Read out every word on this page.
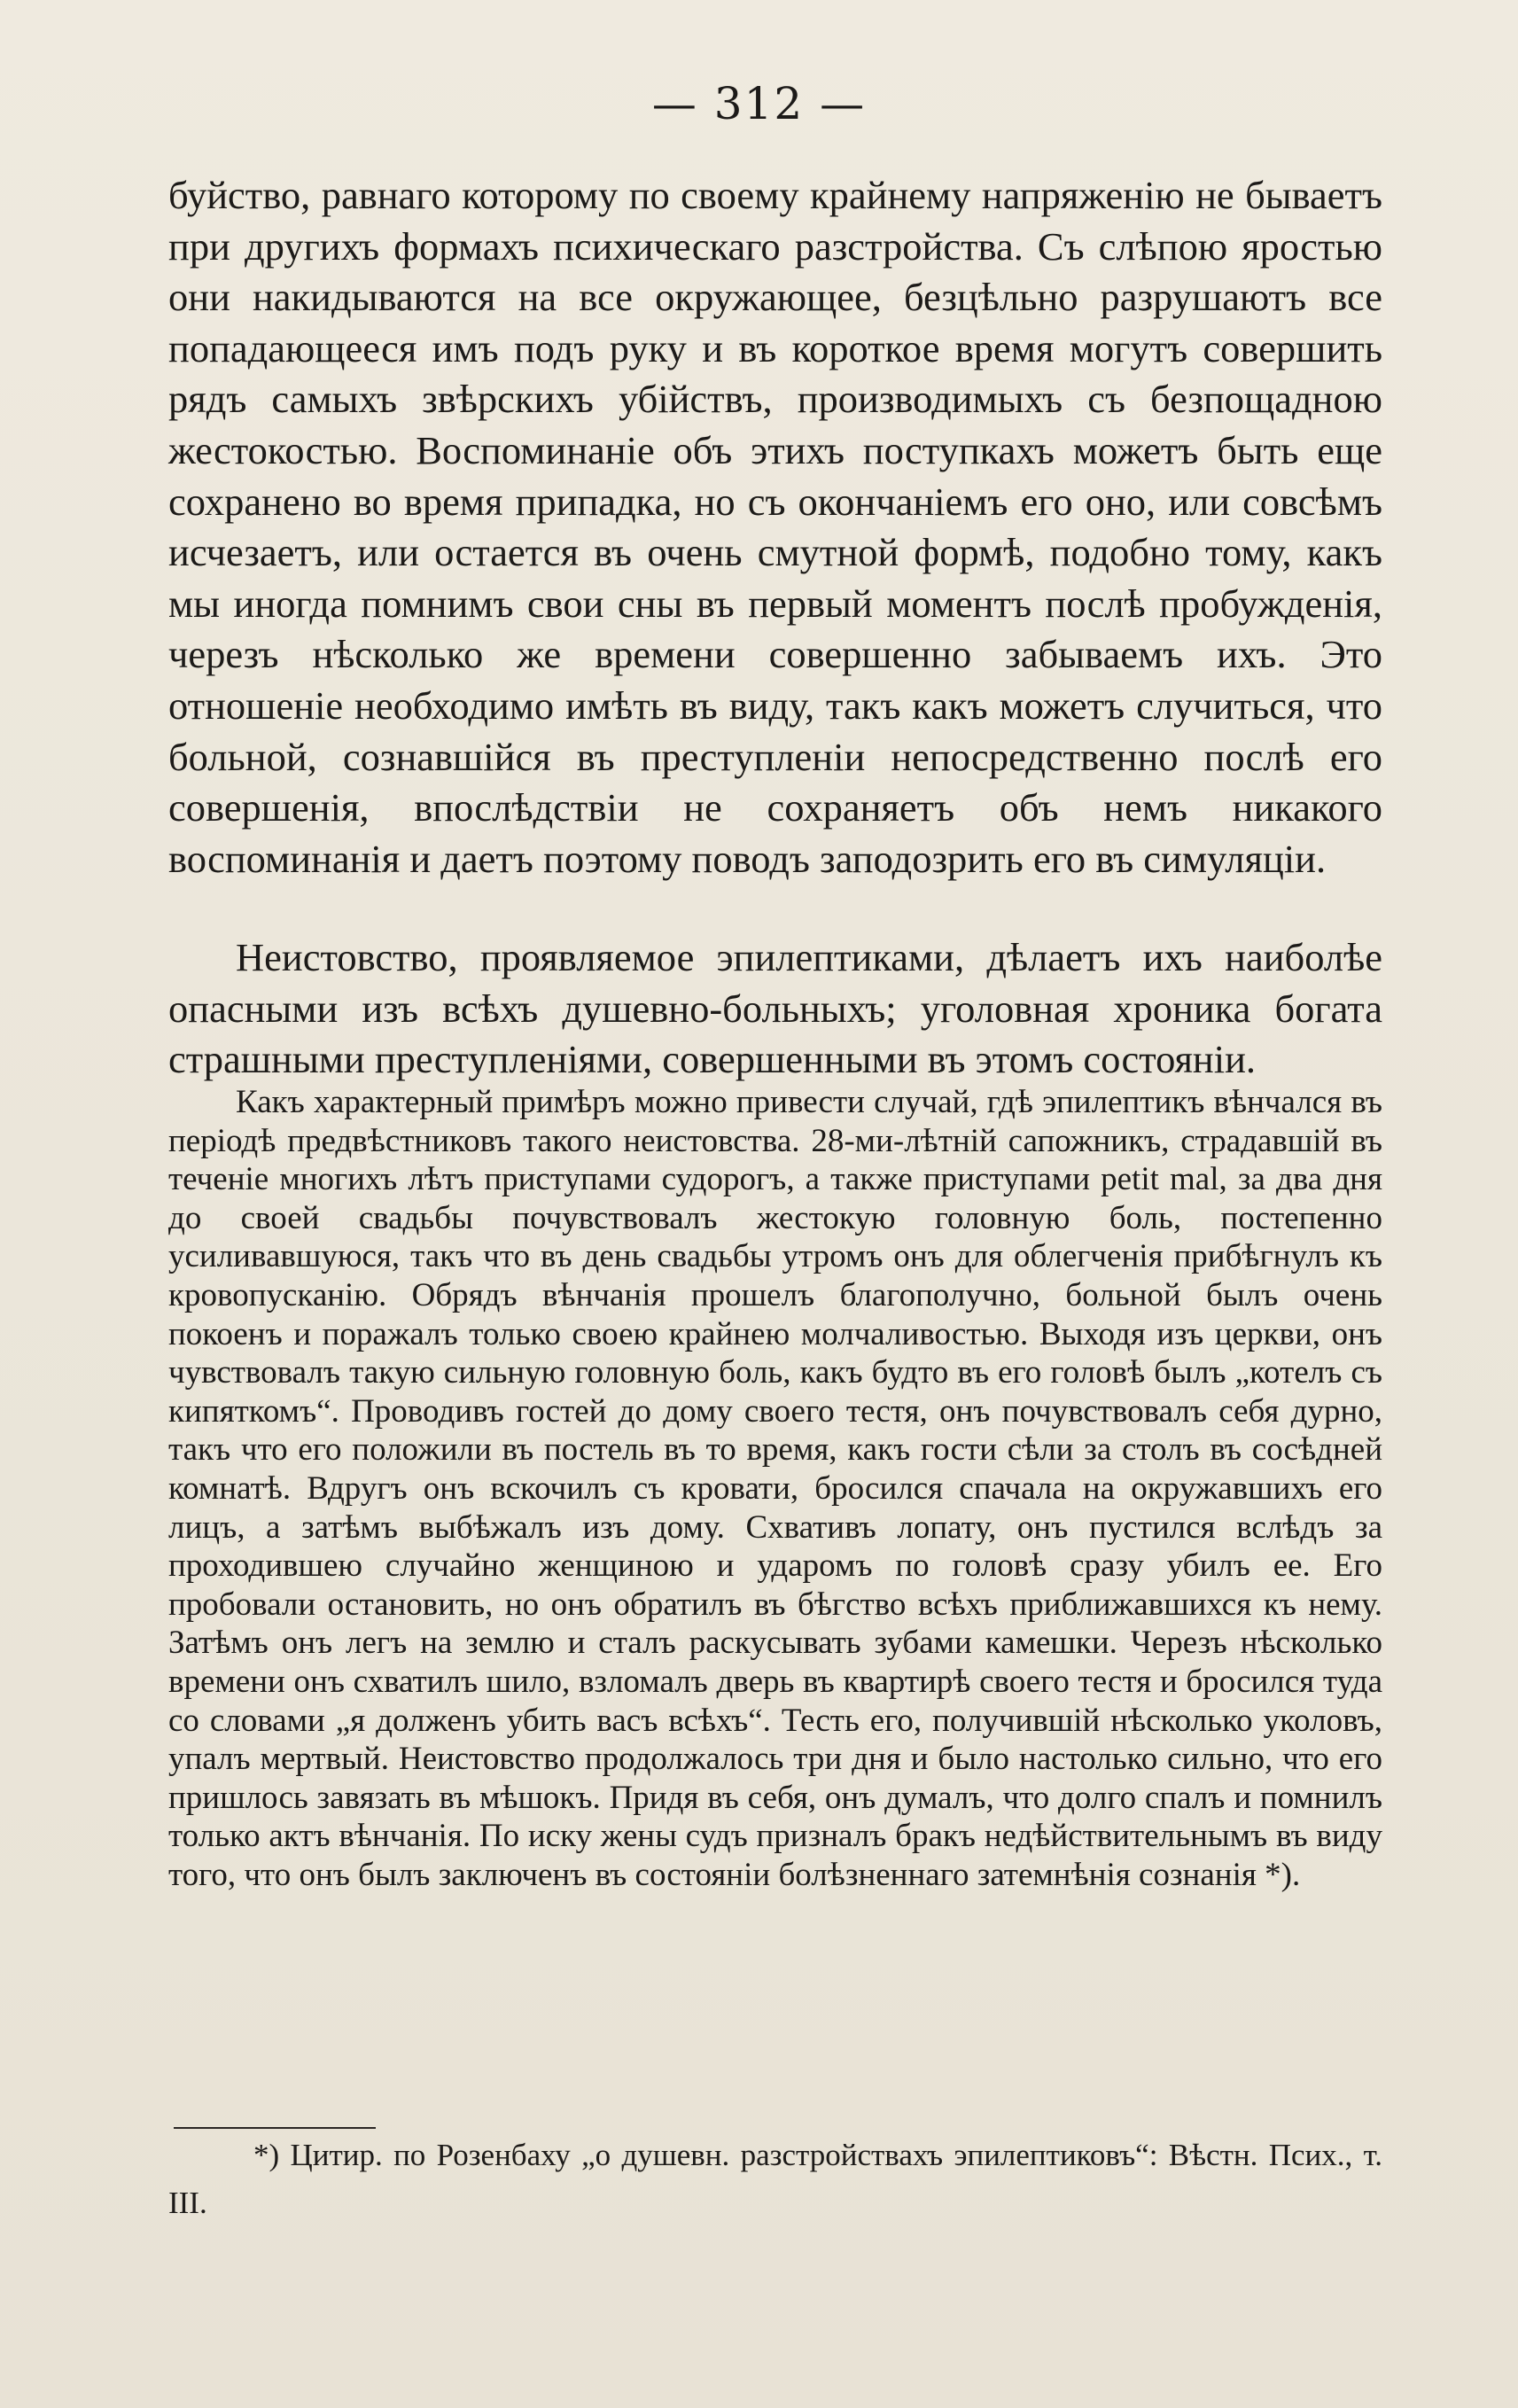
— 312 —

буйство, равнаго которому по своему крайнему напряженію не бываетъ при другихъ формахъ психическаго разстройства. Съ слѣпою яростью они накидываются на все окружающее, безцѣльно разрушаютъ все попадающееся имъ подъ руку и въ короткое время могутъ совершить рядъ самыхъ звѣрскихъ убійствъ, производимыхъ съ безпощадною жестокостью. Воспоминаніе объ этихъ поступкахъ можетъ быть еще сохранено во время припадка, но съ окончаніемъ его оно, или совсѣмъ исчезаетъ, или остается въ очень смутной формѣ, подобно тому, какъ мы иногда помнимъ свои сны въ первый моментъ послѣ пробужденія, черезъ нѣсколько же времени совершенно забываемъ ихъ. Это отношеніе необходимо имѣть въ виду, такъ какъ можетъ случиться, что больной, сознавшійся въ преступленіи непосредственно послѣ его совершенія, впослѣдствіи не сохраняетъ объ немъ никакого воспоминанія и даетъ поэтому поводъ заподозрить его въ симуляціи.

Неистовство, проявляемое эпилептиками, дѣлаетъ ихъ наиболѣе опасными изъ всѣхъ душевно-больныхъ; уголовная хроника богата страшными преступленіями, совершенными въ этомъ состояніи.

Какъ характерный примѣръ можно привести случай, гдѣ эпилептикъ вѣнчался въ періодѣ предвѣстниковъ такого неистовства. 28-ми-лѣтній сапожникъ, страдавшій въ теченіе многихъ лѣтъ приступами судорогъ, а также приступами petit mal, за два дня до своей свадьбы почувствовалъ жестокую головную боль, постепенно усиливавшуюся, такъ что въ день свадьбы утромъ онъ для облегченія прибѣгнулъ къ кровопусканію. Обрядъ вѣнчанія прошелъ благополучно, больной былъ очень покоенъ и поражалъ только своею крайнею молчаливостью. Выходя изъ церкви, онъ чувствовалъ такую сильную головную боль, какъ будто въ его головѣ былъ „котелъ съ кипяткомъ“. Проводивъ гостей до дому своего тестя, онъ почувствовалъ себя дурно, такъ что его положили въ постель въ то время, какъ гости сѣли за столъ въ сосѣдней комнатѣ. Вдругъ онъ вскочилъ съ кровати, бросился спачала на окружавшихъ его лицъ, а затѣмъ выбѣжалъ изъ дому. Схвативъ лопату, онъ пустился вслѣдъ за проходившею случайно женщиною и ударомъ по головѣ сразу убилъ ее. Его пробовали остановить, но онъ обратилъ въ бѣгство всѣхъ приближавшихся къ нему. Затѣмъ онъ легъ на землю и сталъ раскусывать зубами камешки. Черезъ нѣсколько времени онъ схватилъ шило, взломалъ дверь въ квартирѣ своего тестя и бросился туда со словами „я долженъ убить васъ всѣхъ“. Тесть его, получившій нѣсколько уколовъ, упалъ мертвый. Неистовство продолжалось три дня и было настолько сильно, что его пришлось завязать въ мѣшокъ. Придя въ себя, онъ думалъ, что долго спалъ и помнилъ только актъ вѣнчанія. По иску жены судъ призналъ бракъ недѣйствительнымъ въ виду того, что онъ былъ заключенъ въ состояніи болѣзненнаго затемнѣнія сознанія *).

*) Цитир. по Розенбаху „о душевн. разстройствахъ эпилептиковъ“: Вѣстн. Псих., т. III.
